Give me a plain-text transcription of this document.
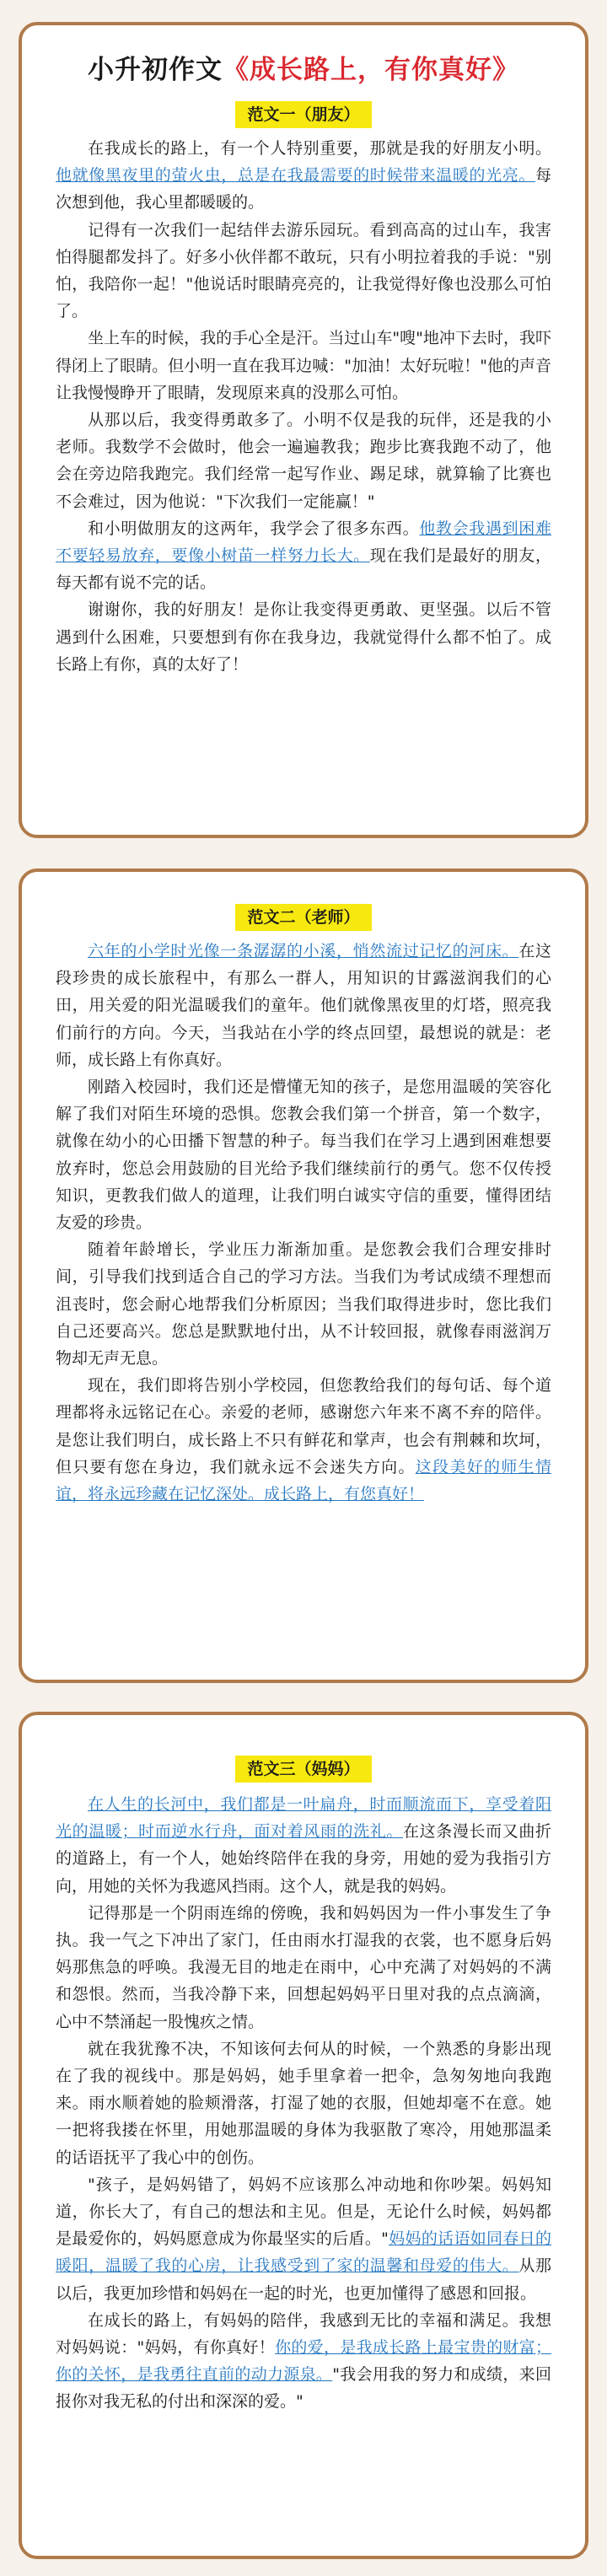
小升初作文《成长路上，有你真好》
范文一（朋友）

在我成长的路上，有一个人特别重要，那就是我的好朋友小明。他就像黑夜里的萤火虫，总是在我最需要的时候带来温暖的光亮。每次想到他，我心里都暖暖的。

记得有一次我们一起结伴去游乐园玩。看到高高的过山车，我害怕得腿都发抖了。好多小伙伴都不敢玩，只有小明拉着我的手说："别怕，我陪你一起！"他说话时眼睛亮亮的，让我觉得好像也没那么可怕了。

坐上车的时候，我的手心全是汗。当过山车"嗖"地冲下去时，我吓得闭上了眼睛。但小明一直在我耳边喊："加油！太好玩啦！"他的声音让我慢慢睁开了眼睛，发现原来真的没那么可怕。

从那以后，我变得勇敢多了。小明不仅是我的玩伴，还是我的小老师。我数学不会做时，他会一遍遍教我；跑步比赛我跑不动了，他会在旁边陪我跑完。我们经常一起写作业、踢足球，就算输了比赛也不会难过，因为他说："下次我们一定能赢！"

和小明做朋友的这两年，我学会了很多东西。他教会我遇到困难不要轻易放弃，要像小树苗一样努力长大。现在我们是最好的朋友，每天都有说不完的话。

谢谢你，我的好朋友！是你让我变得更勇敢、更坚强。以后不管遇到什么困难，只要想到有你在我身边，我就觉得什么都不怕了。成长路上有你，真的太好了！

范文二（老师）

六年的小学时光像一条潺潺的小溪，悄然流过记忆的河床。在这段珍贵的成长旅程中，有那么一群人，用知识的甘露滋润我们的心田，用关爱的阳光温暖我们的童年。他们就像黑夜里的灯塔，照亮我们前行的方向。今天，当我站在小学的终点回望，最想说的就是：老师，成长路上有你真好。

刚踏入校园时，我们还是懵懂无知的孩子，是您用温暖的笑容化解了我们对陌生环境的恐惧。您教会我们第一个拼音，第一个数字，就像在幼小的心田播下智慧的种子。每当我们在学习上遇到困难想要放弃时，您总会用鼓励的目光给予我们继续前行的勇气。您不仅传授知识，更教我们做人的道理，让我们明白诚实守信的重要，懂得团结友爱的珍贵。

随着年龄增长，学业压力渐渐加重。是您教会我们合理安排时间，引导我们找到适合自己的学习方法。当我们为考试成绩不理想而沮丧时，您会耐心地帮我们分析原因；当我们取得进步时，您比我们自己还要高兴。您总是默默地付出，从不计较回报，就像春雨滋润万物却无声无息。

现在，我们即将告别小学校园，但您教给我们的每句话、每个道理都将永远铭记在心。亲爱的老师，感谢您六年来不离不弃的陪伴。是您让我们明白，成长路上不只有鲜花和掌声，也会有荆棘和坎坷，但只要有您在身边，我们就永远不会迷失方向。这段美好的师生情谊，将永远珍藏在记忆深处。成长路上，有您真好！

范文三（妈妈）

在人生的长河中，我们都是一叶扁舟，时而顺流而下，享受着阳光的温暖；时而逆水行舟，面对着风雨的洗礼。在这条漫长而又曲折的道路上，有一个人，她始终陪伴在我的身旁，用她的爱为我指引方向，用她的关怀为我遮风挡雨。这个人，就是我的妈妈。

记得那是一个阴雨连绵的傍晚，我和妈妈因为一件小事发生了争执。我一气之下冲出了家门，任由雨水打湿我的衣裳，也不愿身后妈妈那焦急的呼唤。我漫无目的地走在雨中，心中充满了对妈妈的不满和怨恨。然而，当我冷静下来，回想起妈妈平日里对我的点点滴滴，心中不禁涌起一股愧疚之情。

就在我犹豫不决，不知该何去何从的时候，一个熟悉的身影出现在了我的视线中。那是妈妈，她手里拿着一把伞，急匆匆地向我跑来。雨水顺着她的脸颊滑落，打湿了她的衣服，但她却毫不在意。她一把将我搂在怀里，用她那温暖的身体为我驱散了寒冷，用她那温柔的话语抚平了我心中的创伤。

"孩子，是妈妈错了，妈妈不应该那么冲动地和你吵架。妈妈知道，你长大了，有自己的想法和主见。但是，无论什么时候，妈妈都是最爱你的，妈妈愿意成为你最坚实的后盾。"妈妈的话语如同春日的暖阳，温暖了我的心房，让我感受到了家的温馨和母爱的伟大。从那以后，我更加珍惜和妈妈在一起的时光，也更加懂得了感恩和回报。

在成长的路上，有妈妈的陪伴，我感到无比的幸福和满足。我想对妈妈说："妈妈，有你真好！你的爱，是我成长路上最宝贵的财富；你的关怀，是我勇往直前的动力源泉。"我会用我的努力和成绩，来回报你对我无私的付出和深深的爱。"
